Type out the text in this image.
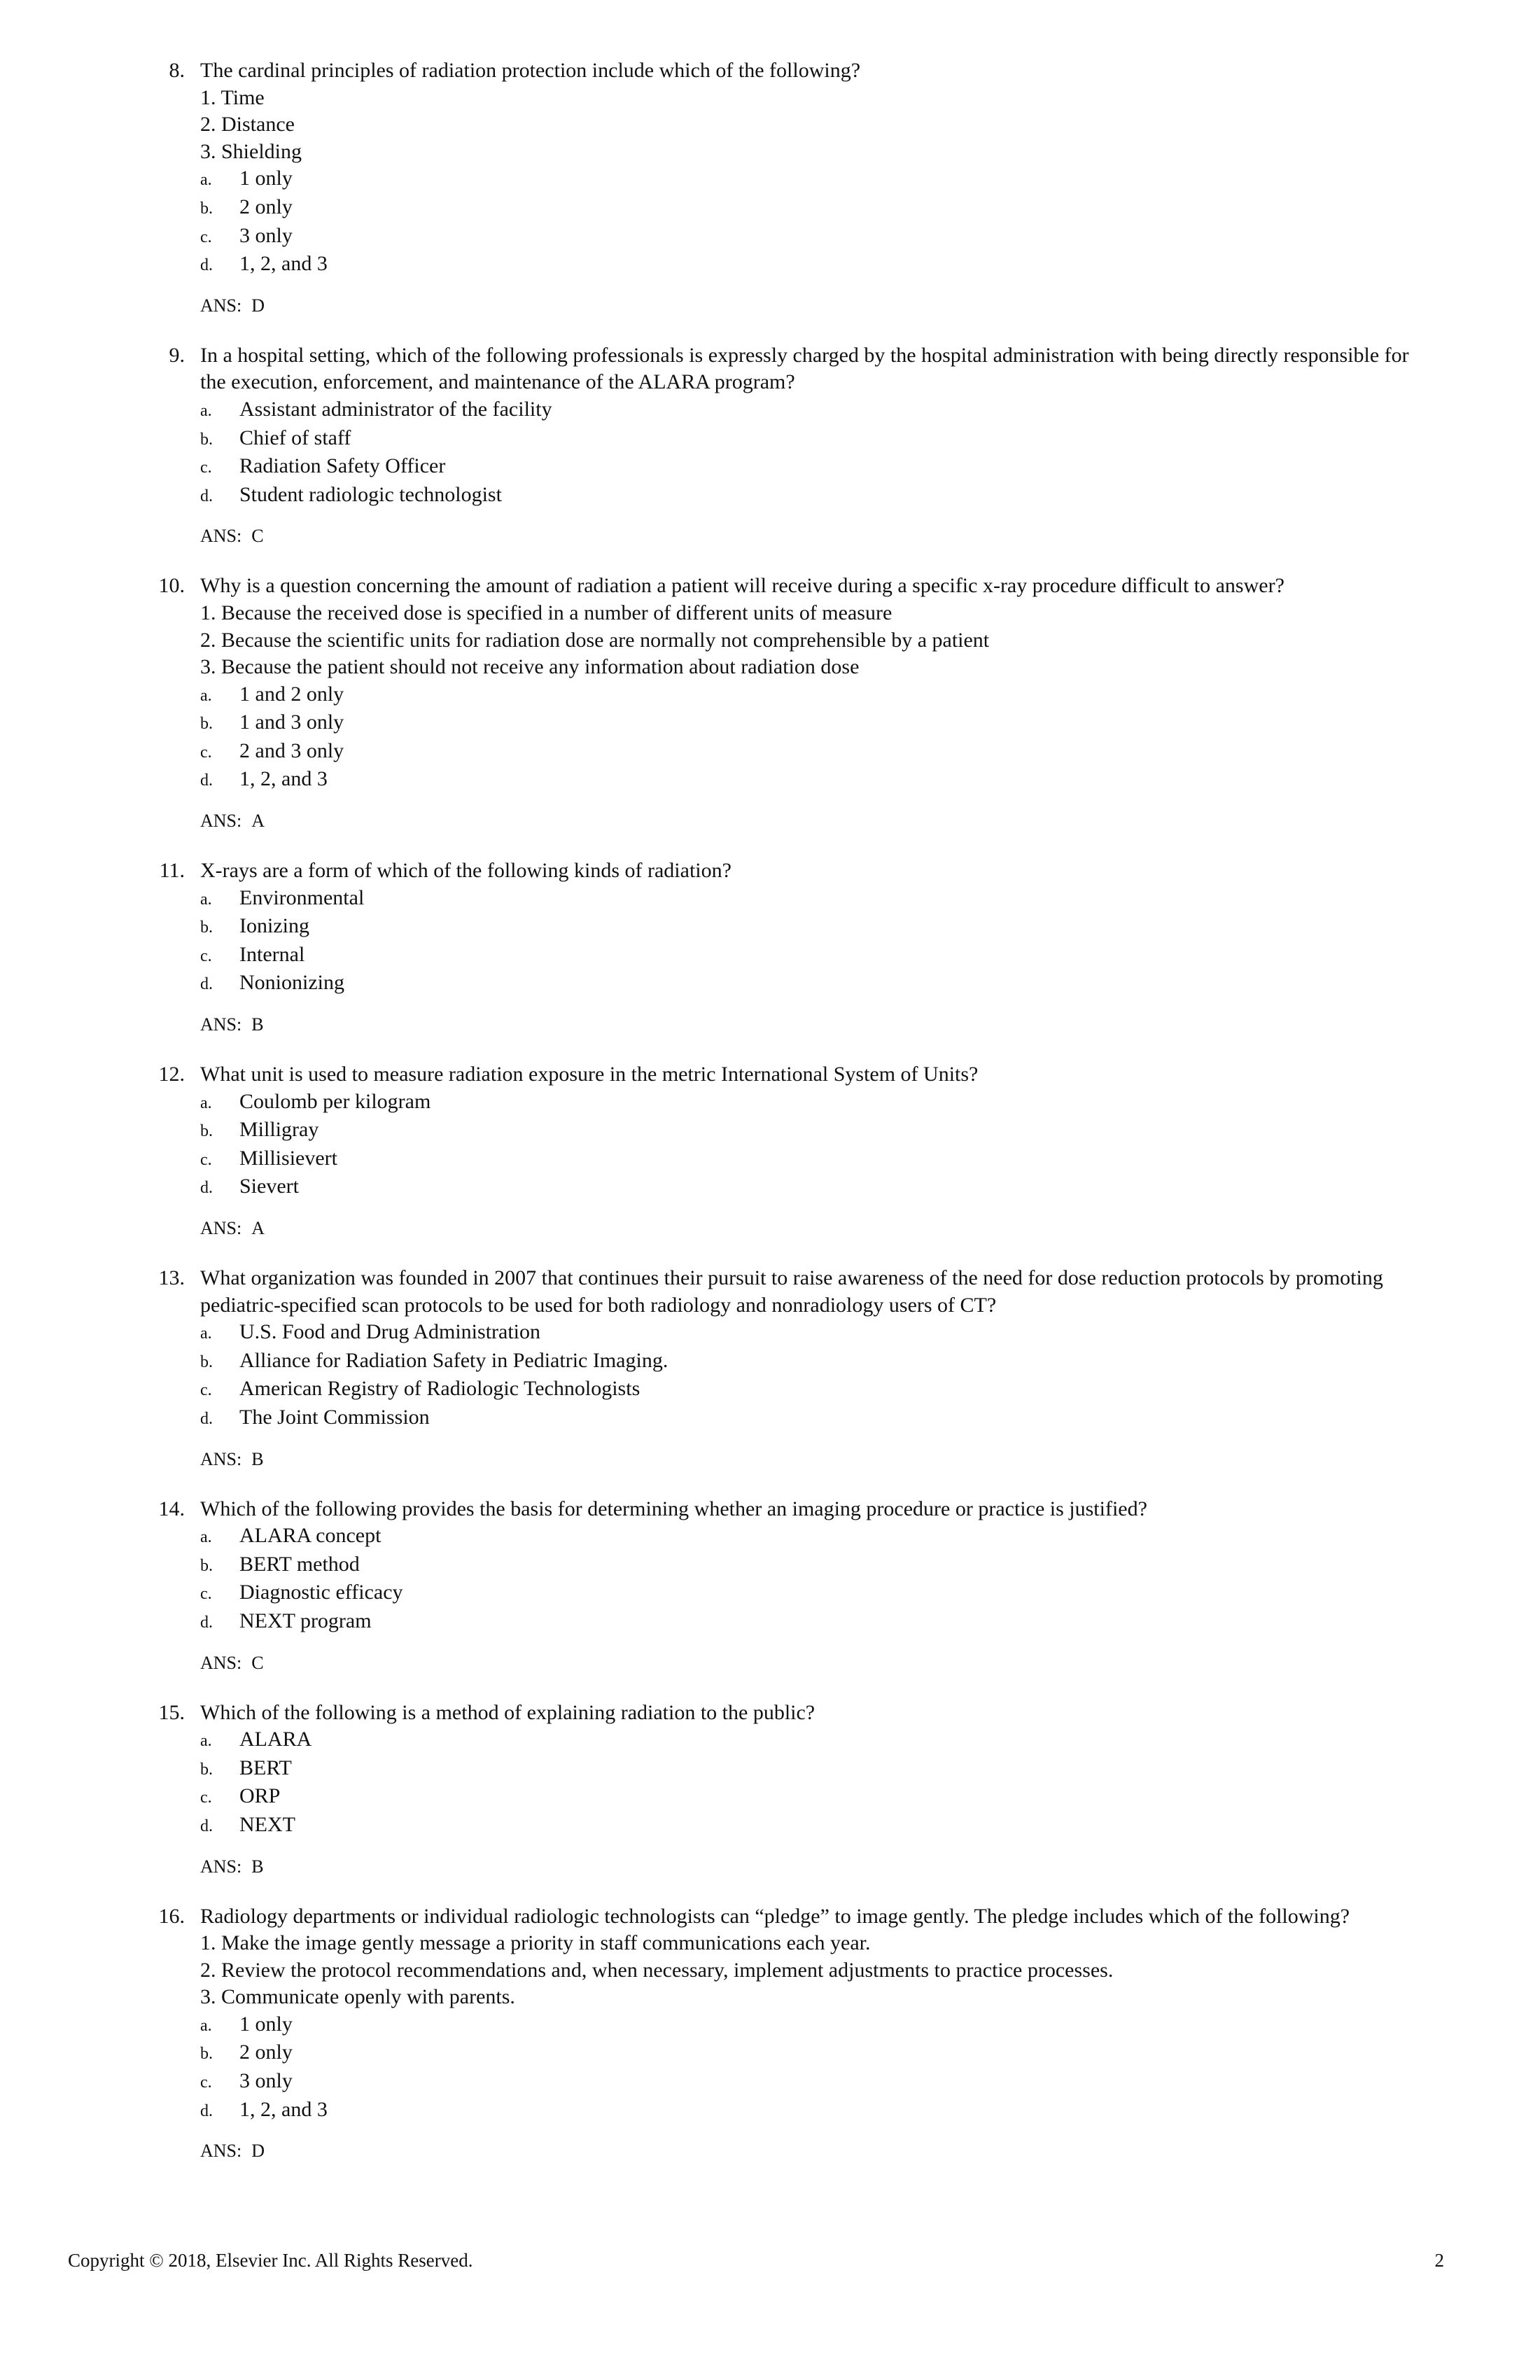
8. The cardinal principles of radiation protection include which of the following?
1. Time
2. Distance
3. Shielding
a.	1 only
b.	2 only
c.	3 only
d.	1, 2, and 3
ANS: D
9. In a hospital setting, which of the following professionals is expressly charged by the hospital administration with being directly responsible for the execution, enforcement, and maintenance of the ALARA program?
a.	Assistant administrator of the facility
b.	Chief of staff
c.	Radiation Safety Officer
d.	Student radiologic technologist
ANS: C
10. Why is a question concerning the amount of radiation a patient will receive during a specific x-ray procedure difficult to answer?
1. Because the received dose is specified in a number of different units of measure
2. Because the scientific units for radiation dose are normally not comprehensible by a patient
3. Because the patient should not receive any information about radiation dose
a.	1 and 2 only
b.	1 and 3 only
c.	2 and 3 only
d.	1, 2, and 3
ANS: A
11. X-rays are a form of which of the following kinds of radiation?
a.	Environmental
b.	Ionizing
c.	Internal
d.	Nonionizing
ANS: B
12. What unit is used to measure radiation exposure in the metric International System of Units?
a.	Coulomb per kilogram
b.	Milligray
c.	Millisievert
d.	Sievert
ANS: A
13. What organization was founded in 2007 that continues their pursuit to raise awareness of the need for dose reduction protocols by promoting pediatric-specified scan protocols to be used for both radiology and nonradiology users of CT?
a.	U.S. Food and Drug Administration
b.	Alliance for Radiation Safety in Pediatric Imaging.
c.	American Registry of Radiologic Technologists
d.	The Joint Commission
ANS: B
14. Which of the following provides the basis for determining whether an imaging procedure or practice is justified?
a.	ALARA concept
b.	BERT method
c.	Diagnostic efficacy
d.	NEXT program
ANS: C
15. Which of the following is a method of explaining radiation to the public?
a.	ALARA
b.	BERT
c.	ORP
d.	NEXT
ANS: B
16. Radiology departments or individual radiologic technologists can “pledge” to image gently. The pledge includes which of the following?
1. Make the image gently message a priority in staff communications each year.
2. Review the protocol recommendations and, when necessary, implement adjustments to practice processes.
3. Communicate openly with parents.
a.	1 only
b.	2 only
c.	3 only
d.	1, 2, and 3
ANS: D
Copyright © 2018, Elsevier Inc. All Rights Reserved.	2
